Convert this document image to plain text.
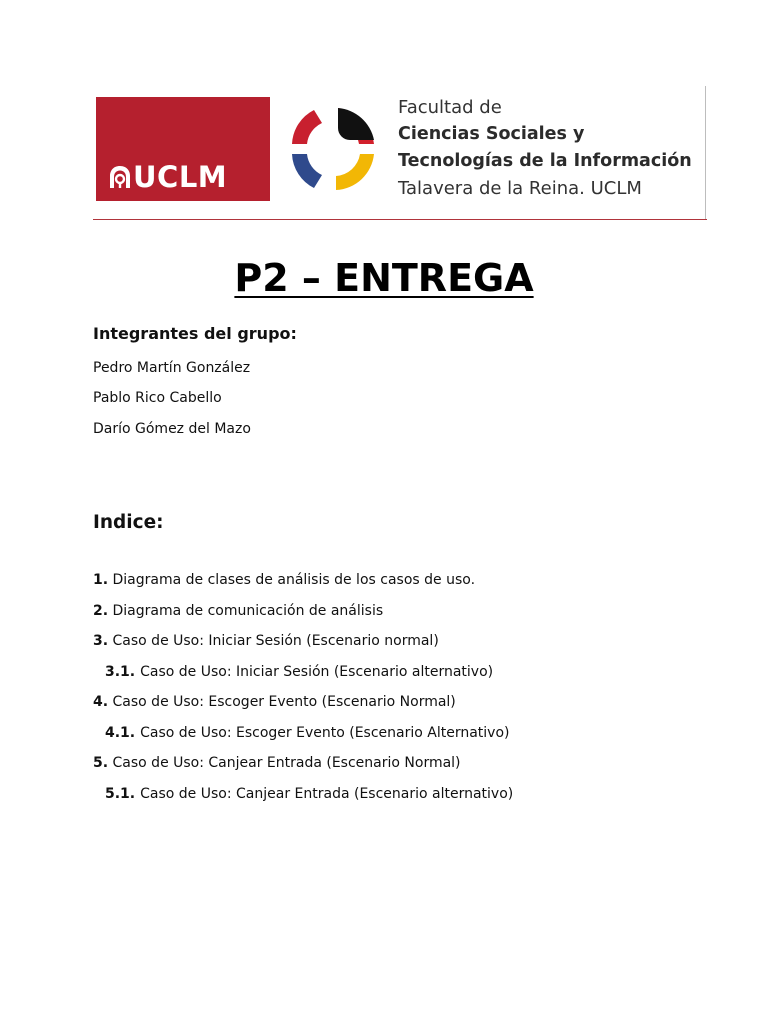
UCLM
Facultad de
Ciencias Sociales y
Tecnologías de la Información
Talavera de la Reina. UCLM
P2 – ENTREGA
Integrantes del grupo:
Pedro Martín González
Pablo Rico Cabello
Darío Gómez del Mazo
Indice:
1. Diagrama de clases de análisis de los casos de uso.
2. Diagrama de comunicación de análisis
3. Caso de Uso: Iniciar Sesión (Escenario normal)
3.1. Caso de Uso: Iniciar Sesión (Escenario alternativo)
4. Caso de Uso: Escoger Evento (Escenario Normal)
4.1. Caso de Uso: Escoger Evento (Escenario Alternativo)
5. Caso de Uso: Canjear Entrada (Escenario Normal)
5.1. Caso de Uso: Canjear Entrada (Escenario alternativo)
